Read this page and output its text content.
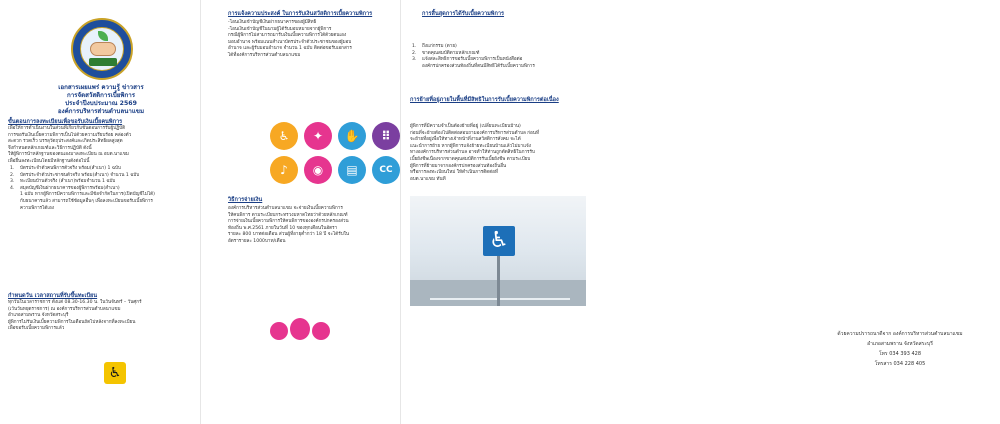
เอกสารเผยแพร่ ความรู้ ข่าวสาร
การจัดสวัสดิการเบี้ยพิการ
ประจำปีงบประมาณ 2569
องค์การบริหารส่วนตำบลนาแขม
ขั้นตอนการลงทะเบียนเพื่อขอรับเงินเบี้ยคนพิการ
เพื่อให้การดำเนินงานในส่วนที่เกี่ยวกับขั้นตอนการรับผู้ปฏิบัติ
การขอรับเงินเบี้ยความพิการเป็นไปด้วยความเรียบร้อย คล่องตัว
สะดวก รวดเร็ว บรรลุวัตถุประสงค์และเกิดประสิทธิผลสูงสุด
จึงกำหนดหลักเกณฑ์และวิธีการปฏิบัติ ดังนี้
ให้ผู้พิการนำหลักฐานของตนเองมาลงทะเบียน ณ อบต.นาแขม
เพื่อยื่นลงทะเบียนโดยมีหลักฐานดังต่อไปนี้
1. บัตรประจำตัวคนพิการตัวจริง พร้อม(สำเนา) 1 ฉบับ
2. บัตรประจำตัวประชาชนตัวจริง พร้อม(สำเนา) จำนวน 1 ฉบับ
3. ทะเบียนบ้านตัวจริง (สำเนา)พร้อมจำนวน 1 ฉบับ
4. สมุดบัญชีเงินฝากธนาคารของผู้พิการพร้อม(สำเนา)
1 ฉบับ หากผู้พิการมีความพิการและมีข้อจำกัดในการ(เปิดบัญชีไม่ได้)
กับธนาคารแล้ว สามารถใช้ข้อมูลอื่นๆ เพื่อลงทะเบียนขอรับเบี้ยพิการ
ความพิการได้เอง
กำหนดวัน เวลาสถานที่รับขึ้นทะเบียน
ทุกวันในเวลาราชการ ตั้งแต่ 08.30-16.30 น. ในวันจันทร์ – วันศุกร์
(เว้นวันหยุดราชการ) ณ องค์การบริหารส่วนตำบลนาแขม
อำเภอสามพราน จังหวัดสระบุรี
ผู้พิการไม่รับเงินเบี้ยความพิการในเดือนถัดไปหลังจากที่ลงทะเบียน
เพื่อขอรับเบี้ยความพิการแล้ว
♿
การแจ้งความประสงค์ ในการรับเงินสวัสดิการเบี้ยความพิการ
-โอนเงินเข้าบัญชีเงินฝากธนาคารของผู้มีสิทธิ
-โอนเงินเข้าบัญชีในนามผู้ได้รับมอบหมายจากผู้พิการ
กรณีผู้พิการไม่สามารถมารับเงินเบี้ยความพิการได้ด้วยตนเอง
มอบอำนาจ พร้อมแนบสำเนาบัตรประจำตัวประชาชนของผู้มอบ
อำนาจ และผู้รับมอบอำนาจ จำนวน 1 ฉบับ ติดต่อขอรับเอกสาร
ได้ที่องค์การบริหารส่วนตำบลนาแขม
♿	✦	✋	⠿
♪	◉	▤	CC
วิธีการจ่ายเงิน
องค์การบริหารส่วนตำบลนาแขม จะจ่ายเงินเบี้ยความพิการ
ให้คนพิการ ตามระเบียบกระทรวงมหาดไทยว่าด้วยหลักเกณฑ์
การจ่ายเงินเบี้ยความพิการให้คนพิการขององค์กรปกครองส่วน
ท้องถิ่น พ.ศ.2561 ภายในวันที่ 10 ของทุกเดือนในอัตรา
รายละ 800 บาทต่อเดือน ส่วนผู้ที่อายุต่ำกว่า 18 ปี จะได้รับใน
อัตรารายละ 1000บาท/เดือน
การสิ้นสุดการได้รับเบี้ยความพิการ
1. ถึงแก่กรรม (ตาย)
2. ขาดคุณสมบัติตามหลักเกณฑ์
3. แจ้งสละสิทธิการขอรับเบี้ยความพิการเป็นหนังสือต่อ
องค์กรปกครองส่วนท้องถิ่นที่ตนมีสิทธิได้รับเบี้ยความพิการ
การย้ายที่อยู่ภายในพื้นที่มีสิทธิในการรับเบี้ยความพิการต่อเนื่อง
ผู้พิการที่มีความจำเป็นต้องย้ายที่อยู่ (เปลี่ยนทะเบียนบ้าน)
ก่อนที่จะย้ายต้องไปติดต่อสอบถามองค์การบริหารส่วนตำบล ก่อนที่
จะย้ายที่อยู่เพื่อให้ทางเจ้าหน้าที่งานสวัสดิการสังคม จะได้
แนะนำการย้าย หากผู้พิการแจ้งย้ายทะเบียนบ้านแล้วไม่มาแจ้ง
ทางองค์การบริหารส่วนตำบล อาจทำให้ท่านถูกตัดสิทธิในการรับ
เบี้ยยังชีพเนื่องจากขาดคุณสมบัติการรับเบี้ยยังชีพ ตามระเบียบ
ผู้พิการที่ย้ายมาจากองค์กรปกครองส่วนท้องถิ่นอื่น
หรือการลงทะเบียนใหม่ ให้ดำเนินการติดต่อที่
อบต.นาแขม ทันที
ด้วยความปรารถนาดีจาก องค์การบริหารส่วนตำบลนาแขม
อำเภอสามพราน จังหวัดสระบุรี
โทร 034 393 428
โทรสาร 034 228 405
♿
